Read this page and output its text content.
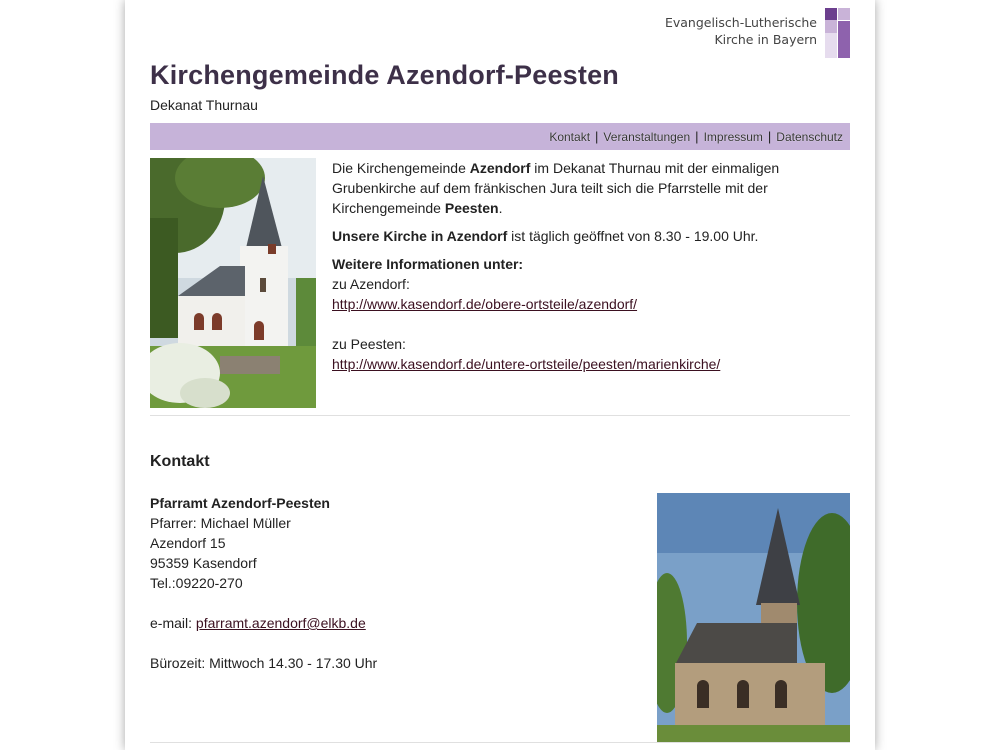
Evangelisch-Lutherische
Kirche in Bayern
Kirchengemeinde Azendorf-Peesten
Dekanat Thurnau
Kontakt | Veranstaltungen | Impressum | Datenschutz

Die Kirchengemeinde Azendorf im Dekanat Thurnau mit der einmaligen Grubenkirche auf dem fränkischen Jura teilt sich die Pfarrstelle mit der Kirchengemeinde Peesten.

Unsere Kirche in Azendorf ist täglich geöffnet von 8.30 - 19.00 Uhr.

Weitere Informationen unter:
zu Azendorf:
http://www.kasendorf.de/obere-ortsteile/azendorf/

zu Peesten:
http://www.kasendorf.de/untere-ortsteile/peesten/marienkirche/
Kontakt
Pfarramt Azendorf-Peesten
Pfarrer: Michael Müller
Azendorf 15
95359 Kasendorf
Tel.:09220-270

e-mail: pfarramt.azendorf@elkb.de

Bürozeit: Mittwoch 14.30 - 17.30 Uhr
